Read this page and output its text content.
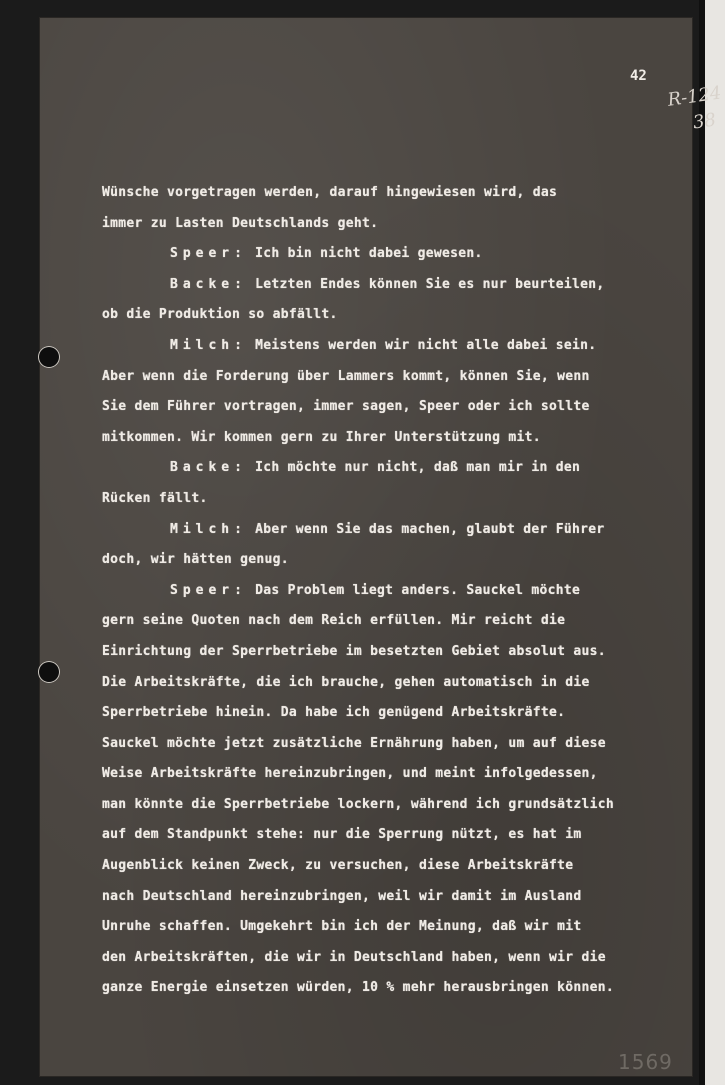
42
R-124
38
Wünsche vorgetragen werden, darauf hingewiesen wird, das
immer zu Lasten Deutschlands geht.
Speer: Ich bin nicht dabei gewesen.
Backe: Letzten Endes können Sie es nur beurteilen,
ob die Produktion so abfällt.
Milch: Meistens werden wir nicht alle dabei sein.
Aber wenn die Forderung über Lammers kommt, können Sie, wenn
Sie dem Führer vortragen, immer sagen, Speer oder ich sollte
mitkommen. Wir kommen gern zu Ihrer Unterstützung mit.
Backe: Ich möchte nur nicht, daß man mir in den
Rücken fällt.
Milch: Aber wenn Sie das machen, glaubt der Führer
doch, wir hätten genug.
Speer: Das Problem liegt anders. Sauckel möchte
gern seine Quoten nach dem Reich erfüllen. Mir reicht die
Einrichtung der Sperrbetriebe im besetzten Gebiet absolut aus.
Die Arbeitskräfte, die ich brauche, gehen automatisch in die
Sperrbetriebe hinein. Da habe ich genügend Arbeitskräfte.
Sauckel möchte jetzt zusätzliche Ernährung haben, um auf diese
Weise Arbeitskräfte hereinzubringen, und meint infolgedessen,
man könnte die Sperrbetriebe lockern, während ich grundsätzlich
auf dem Standpunkt stehe: nur die Sperrung nützt, es hat im
Augenblick keinen Zweck, zu versuchen, diese Arbeitskräfte
nach Deutschland hereinzubringen, weil wir damit im Ausland
Unruhe schaffen. Umgekehrt bin ich der Meinung, daß wir mit
den Arbeitskräften, die wir in Deutschland haben, wenn wir die
ganze Energie einsetzen würden, 10 % mehr herausbringen können.
1569
